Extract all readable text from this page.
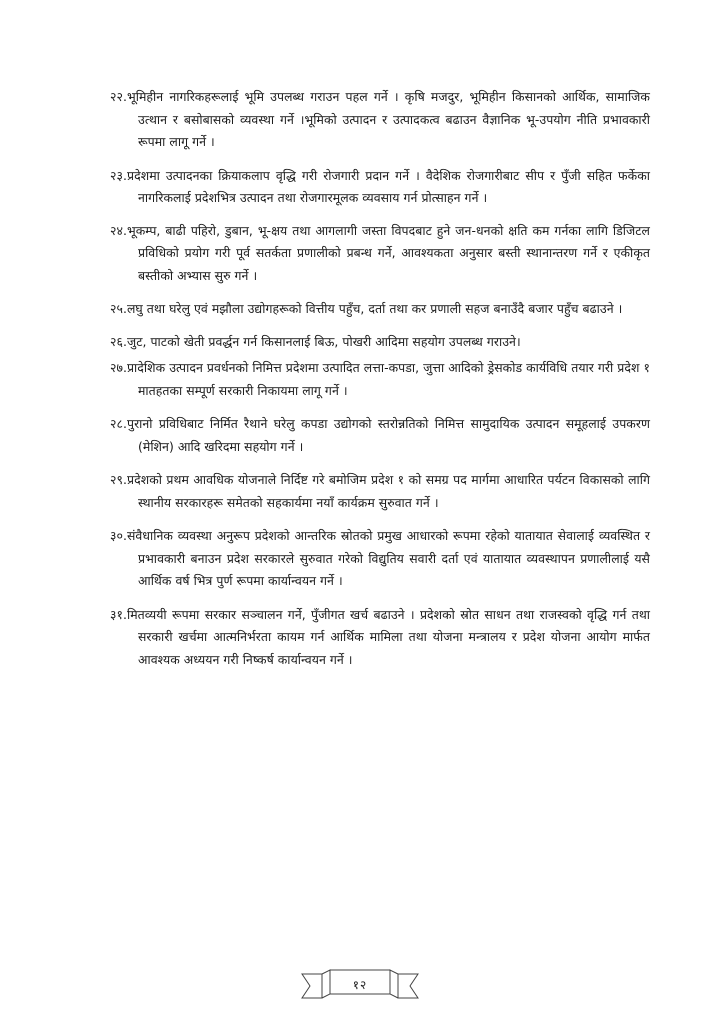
२२.भूमिहीन नागरिकहरूलाई भूमि उपलब्ध गराउन पहल गर्ने । कृषि मजदुर, भूमिहीन किसानको आर्थिक, सामाजिक उत्थान र बसोबासको व्यवस्था गर्ने ।भूमिको उत्पादन र उत्पादकत्व बढाउन वैज्ञानिक भू-उपयोग नीति प्रभावकारी रूपमा लागू गर्ने ।
२३.प्रदेशमा उत्पादनका क्रियाकलाप वृद्धि गरी रोजगारी प्रदान गर्ने । वैदेशिक रोजगारीबाट सीप र पुँजी सहित फर्केका नागरिकलाई प्रदेशभित्र उत्पादन तथा रोजगारमूलक व्यवसाय गर्न प्रोत्साहन गर्ने ।
२४.भूकम्प, बाढी पहिरो, डुबान, भू-क्षय तथा आगलागी जस्ता विपदबाट हुने जन-धनको क्षति कम गर्नका लागि डिजिटल प्रविधिको प्रयोग गरी पूर्व सतर्कता प्रणालीको प्रबन्ध गर्ने, आवश्यकता अनुसार बस्ती स्थानान्तरण गर्ने र एकीकृत बस्तीको अभ्यास सुरु गर्ने ।
२५.लघु तथा घरेलु एवं मझौला उद्योगहरूको वित्तीय पहुँच, दर्ता तथा कर प्रणाली सहज बनाउँदै बजार पहुँच बढाउने ।
२६.जुट, पाटको खेती प्रवर्द्धन गर्न किसानलाई बिऊ, पोखरी आदिमा सहयोग उपलब्ध गराउने।
२७.प्रादेशिक उत्पादन प्रवर्धनको निमित्त प्रदेशमा उत्पादित लत्ता-कपडा, जुत्ता आदिको ड्रेसकोड कार्यविधि तयार गरी प्रदेश १ मातहतका सम्पूर्ण सरकारी निकायमा लागू गर्ने ।
२८.पुरानो प्रविधिबाट निर्मित रैथाने घरेलु कपडा उद्योगको स्तरोन्नतिको निमित्त सामुदायिक उत्पादन समूहलाई उपकरण (मेशिन) आदि खरिदमा सहयोग गर्ने ।
२९.प्रदेशको प्रथम आवधिक योजनाले निर्दिष्ट गरे बमोजिम प्रदेश १ को समग्र पद मार्गमा आधारित पर्यटन विकासको लागि स्थानीय सरकारहरू समेतको सहकार्यमा नयाँ कार्यक्रम सुरुवात गर्ने ।
३०.संवैधानिक व्यवस्था अनुरूप प्रदेशको आन्तरिक स्रोतको प्रमुख आधारको रूपमा रहेको यातायात सेवालाई व्यवस्थित र प्रभावकारी बनाउन प्रदेश सरकारले सुरुवात गरेको विद्युतिय सवारी दर्ता एवं यातायात व्यवस्थापन प्रणालीलाई यसै आर्थिक वर्ष भित्र पुर्ण रूपमा कार्यान्वयन गर्ने ।
३१.मितव्ययी रूपमा सरकार सञ्चालन गर्ने, पुँजीगत खर्च बढाउने । प्रदेशको स्रोत साधन तथा राजस्वको वृद्धि गर्न तथा सरकारी खर्चमा आत्मनिर्भरता कायम गर्न आर्थिक मामिला तथा योजना मन्त्रालय र प्रदेश योजना आयोग मार्फत आवश्यक अध्ययन गरी निष्कर्ष कार्यान्वयन गर्ने ।
१२
